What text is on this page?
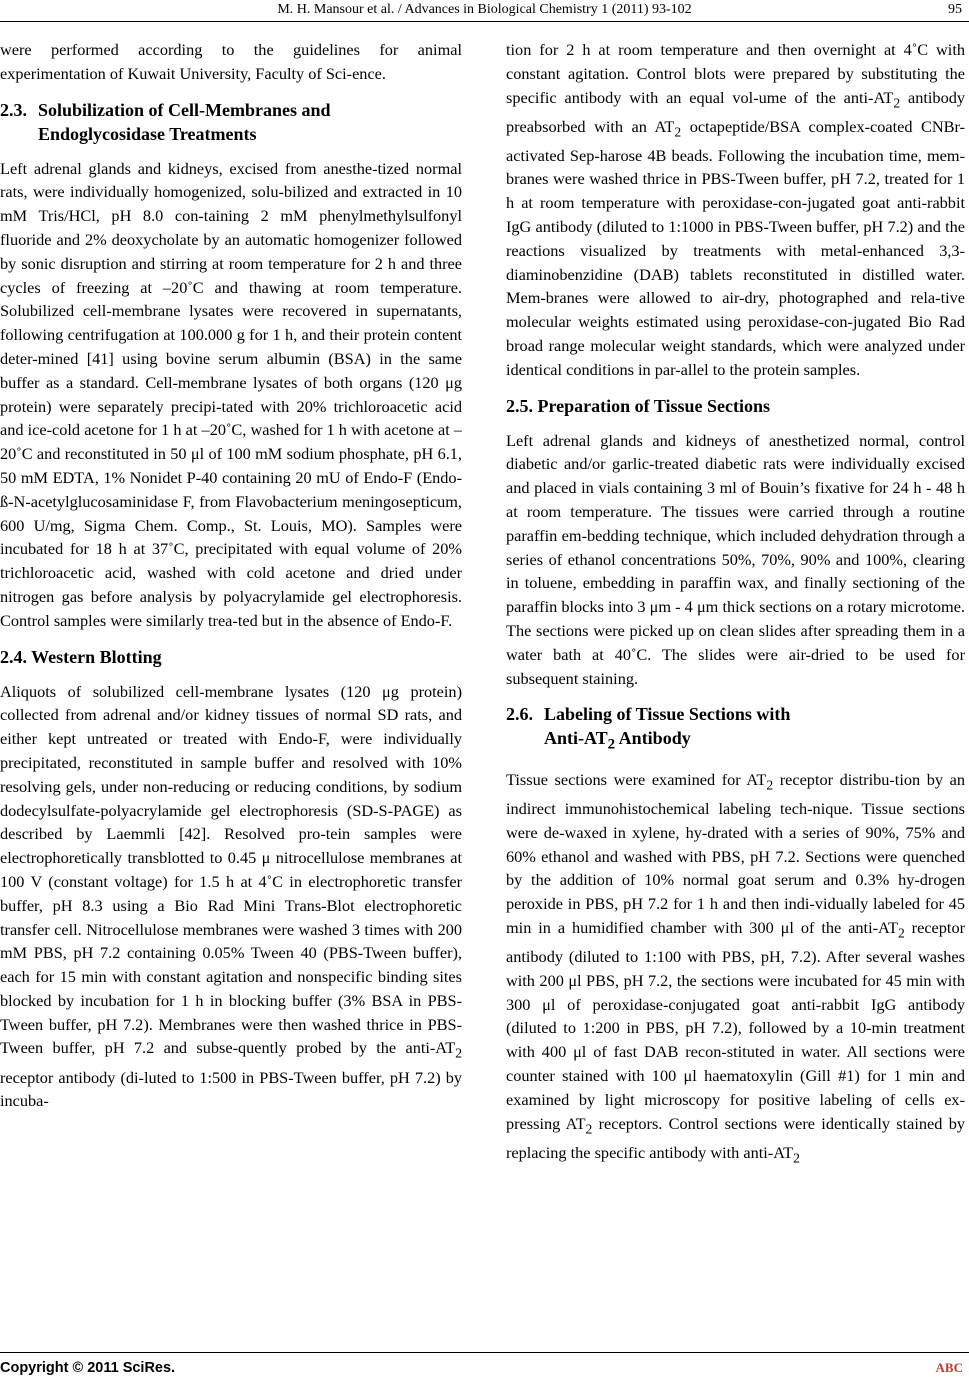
M. H. Mansour et al. / Advances in Biological Chemistry 1 (2011) 93-102	95

were performed according to the guidelines for animal experimentation of Kuwait University, Faculty of Sci-ence.

2.3. Solubilization of Cell-Membranes and
Endoglycosidase Treatments

Left adrenal glands and kidneys, excised from anesthe-tized normal rats, were individually homogenized, solu-bilized and extracted in 10 mM Tris/HCl, pH 8.0 con-taining 2 mM phenylmethylsulfonyl fluoride and 2% deoxycholate by an automatic homogenizer followed by sonic disruption and stirring at room temperature for 2 h and three cycles of freezing at –20˚C and thawing at room temperature. Solubilized cell-membrane lysates were recovered in supernatants, following centrifugation at 100.000 g for 1 h, and their protein content deter-mined [41] using bovine serum albumin (BSA) in the same buffer as a standard. Cell-membrane lysates of both organs (120 μg protein) were separately precipi-tated with 20% trichloroacetic acid and ice-cold acetone for 1 h at –20˚C, washed for 1 h with acetone at –20˚C and reconstituted in 50 μl of 100 mM sodium phosphate, pH 6.1, 50 mM EDTA, 1% Nonidet P-40 containing 20 mU of Endo-F (Endo-ß-N-acetylglucosaminidase F, from Flavobacterium meningosepticum, 600 U/mg, Sigma Chem. Comp., St. Louis, MO). Samples were incubated for 18 h at 37˚C, precipitated with equal volume of 20% trichloroacetic acid, washed with cold acetone and dried under nitrogen gas before analysis by polyacrylamide gel electrophoresis. Control samples were similarly trea-ted but in the absence of Endo-F.

2.4. Western Blotting

Aliquots of solubilized cell-membrane lysates (120 μg protein) collected from adrenal and/or kidney tissues of normal SD rats, and either kept untreated or treated with Endo-F, were individually precipitated, reconstituted in sample buffer and resolved with 10% resolving gels, under non-reducing or reducing conditions, by sodium dodecylsulfate-polyacrylamide gel electrophoresis (SD-S-PAGE) as described by Laemmli [42]. Resolved pro-tein samples were electrophoretically transblotted to 0.45 μ nitrocellulose membranes at 100 V (constant voltage) for 1.5 h at 4˚C in electrophoretic transfer buffer, pH 8.3 using a Bio Rad Mini Trans-Blot electrophoretic transfer cell. Nitrocellulose membranes were washed 3 times with 200 mM PBS, pH 7.2 containing 0.05% Tween 40 (PBS-Tween buffer), each for 15 min with constant agitation and nonspecific binding sites blocked by incubation for 1 h in blocking buffer (3% BSA in PBS-Tween buffer, pH 7.2). Membranes were then washed thrice in PBS-Tween buffer, pH 7.2 and subse-quently probed by the anti-$AT_2$ receptor antibody (di-luted to 1:500 in PBS-Tween buffer, pH 7.2) by incuba-

tion for 2 h at room temperature and then overnight at 4˚C with constant agitation. Control blots were prepared by substituting the specific antibody with an equal vol-ume of the anti-$AT_2$ antibody preabsorbed with an $AT_2$ octapeptide/BSA complex-coated CNBr-activated Sep-harose 4B beads. Following the incubation time, mem-branes were washed thrice in PBS-Tween buffer, pH 7.2, treated for 1 h at room temperature with peroxidase-con-jugated goat anti-rabbit IgG antibody (diluted to 1:1000 in PBS-Tween buffer, pH 7.2) and the reactions visualized by treatments with metal-enhanced 3,3-diaminobenzidine (DAB) tablets reconstituted in distilled water. Mem-branes were allowed to air-dry, photographed and rela-tive molecular weights estimated using peroxidase-con-jugated Bio Rad broad range molecular weight standards, which were analyzed under identical conditions in par-allel to the protein samples.

2.5. Preparation of Tissue Sections

Left adrenal glands and kidneys of anesthetized normal, control diabetic and/or garlic-treated diabetic rats were individually excised and placed in vials containing 3 ml of Bouin’s fixative for 24 h - 48 h at room temperature. The tissues were carried through a routine paraffin em-bedding technique, which included dehydration through a series of ethanol concentrations 50%, 70%, 90% and 100%, clearing in toluene, embedding in paraffin wax, and finally sectioning of the paraffin blocks into 3 μm - 4 μm thick sections on a rotary microtome. The sections were picked up on clean slides after spreading them in a water bath at 40˚C. The slides were air-dried to be used for subsequent staining.

2.6. Labeling of Tissue Sections with
Anti-$AT_2$ Antibody

Tissue sections were examined for $AT_2$ receptor distribu-tion by an indirect immunohistochemical labeling tech-nique. Tissue sections were de-waxed in xylene, hy-drated with a series of 90%, 75% and 60% ethanol and washed with PBS, pH 7.2. Sections were quenched by the addition of 10% normal goat serum and 0.3% hy-drogen peroxide in PBS, pH 7.2 for 1 h and then indi-vidually labeled for 45 min in a humidified chamber with 300 μl of the anti-$AT_2$ receptor antibody (diluted to 1:100 with PBS, pH, 7.2). After several washes with 200 μl PBS, pH 7.2, the sections were incubated for 45 min with 300 μl of peroxidase-conjugated goat anti-rabbit IgG antibody (diluted to 1:200 in PBS, pH 7.2), followed by a 10-min treatment with 400 μl of fast DAB recon-stituted in water. All sections were counter stained with 100 μl haematoxylin (Gill #1) for 1 min and examined by light microscopy for positive labeling of cells ex-pressing $AT_2$ receptors. Control sections were identically stained by replacing the specific antibody with anti-$AT_2$

Copyright © 2011 SciRes.	ABC
